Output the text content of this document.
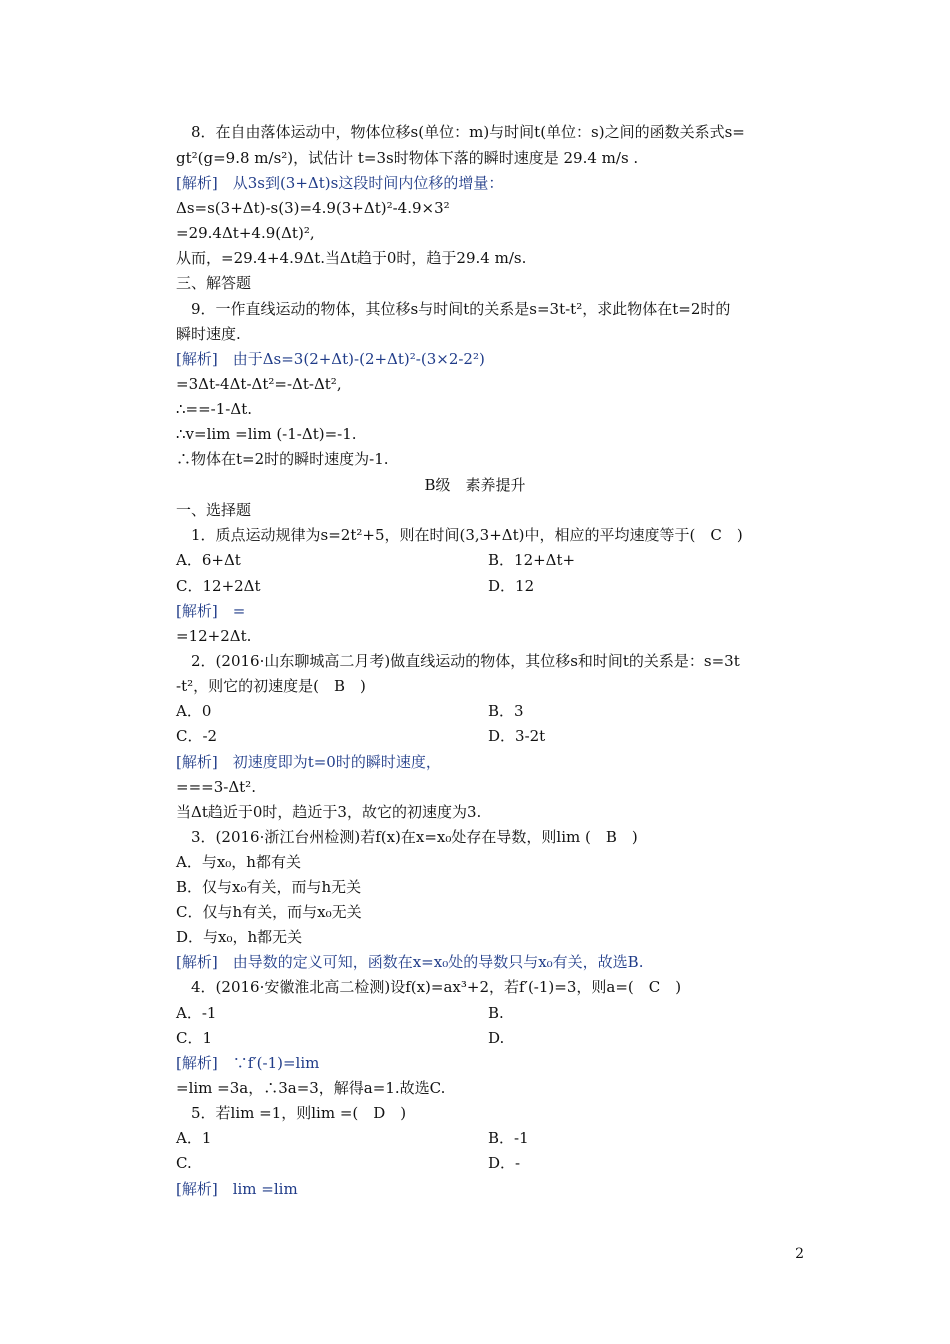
　8．在自由落体运动中，物体位移s(单位：m)与时间t(单位：s)之间的函数关系式s=
gt²(g=9.8 m/s²)，试估计 t=3s时物体下落的瞬时速度是 29.4 m/s .
[解析]　从3s到(3+Δt)s这段时间内位移的增量：
Δs=s(3+Δt)-s(3)=4.9(3+Δt)²-4.9×3²
=29.4Δt+4.9(Δt)²,
从而，=29.4+4.9Δt.当Δt趋于0时，趋于29.4 m/s.
三、解答题
　9．一作直线运动的物体，其位移s与时间t的关系是s=3t-t²，求此物体在t=2时的
瞬时速度.
[解析]　由于Δs=3(2+Δt)-(2+Δt)²-(3×2-2²)
=3Δt-4Δt-Δt²=-Δt-Δt²,
∴==-1-Δt.
∴v=lim =lim (-1-Δt)=-1.
∴物体在t=2时的瞬时速度为-1.
B级　素养提升
一、选择题
　1．质点运动规律为s=2t²+5，则在时间(3,3+Δt)中，相应的平均速度等于(　C　)
A．6+Δt	B．12+Δt+
C．12+2Δt	D．12
[解析]　=
=12+2Δt.
　2．(2016·山东聊城高二月考)做直线运动的物体，其位移s和时间t的关系是：s=3t
-t²，则它的初速度是(　B　)
A．0	B．3
C．-2	D．3-2t
[解析]　初速度即为t=0时的瞬时速度，
===3-Δt².
当Δt趋近于0时，趋近于3，故它的初速度为3.
　3．(2016·浙江台州检测)若f(x)在x=x₀处存在导数，则lim (　B　)
A．与x₀，h都有关
B．仅与x₀有关，而与h无关
C．仅与h有关，而与x₀无关
D．与x₀，h都无关
[解析]　由导数的定义可知，函数在x=x₀处的导数只与x₀有关，故选B.
　4．(2016·安徽淮北高二检测)设f(x)=ax³+2，若f′(-1)=3，则a=(　C　)
A．-1	B.
C．1	D.
[解析]　∵f′(-1)=lim
=lim =3a，∴3a=3，解得a=1.故选C.
　5．若lim =1，则lim =(　D　)
A．1	B．-1
C.	D．-
[解析]　lim =lim
2
